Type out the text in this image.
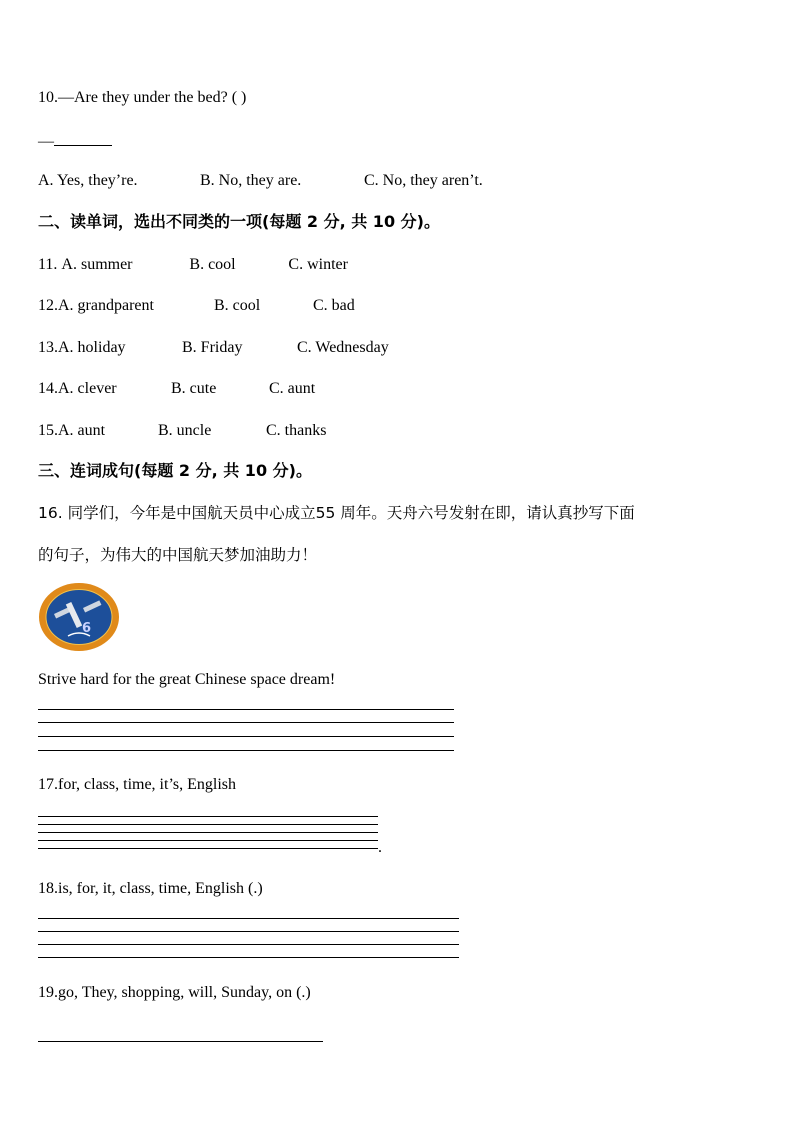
10.—Are they under the bed? ( )
—
A. Yes, they’re.	B. No, they are.	C. No, they aren’t.
二、读单词，选出不同类的一项(每题 2 分, 共 10 分)。
11. A. summer	B. cool	C. winter
12.A. grandparent	B. cool	C. bad
13.A. holiday	B. Friday	C. Wednesday
14.A. clever	B. cute	C. aunt
15.A. aunt	B. uncle	C. thanks
三、连词成句(每题 2 分, 共 10 分)。
16. 同学们，今年是中国航天员中心成立55 周年。天舟六号发射在即，请认真抄写下面
的句子，为伟大的中国航天梦加油助力！
6
Strive hard for the great Chinese space dream!
17.for, class, time, it’s, English
.
18.is, for, it, class, time, English (.)
19.go, They, shopping, will, Sunday, on (.)
